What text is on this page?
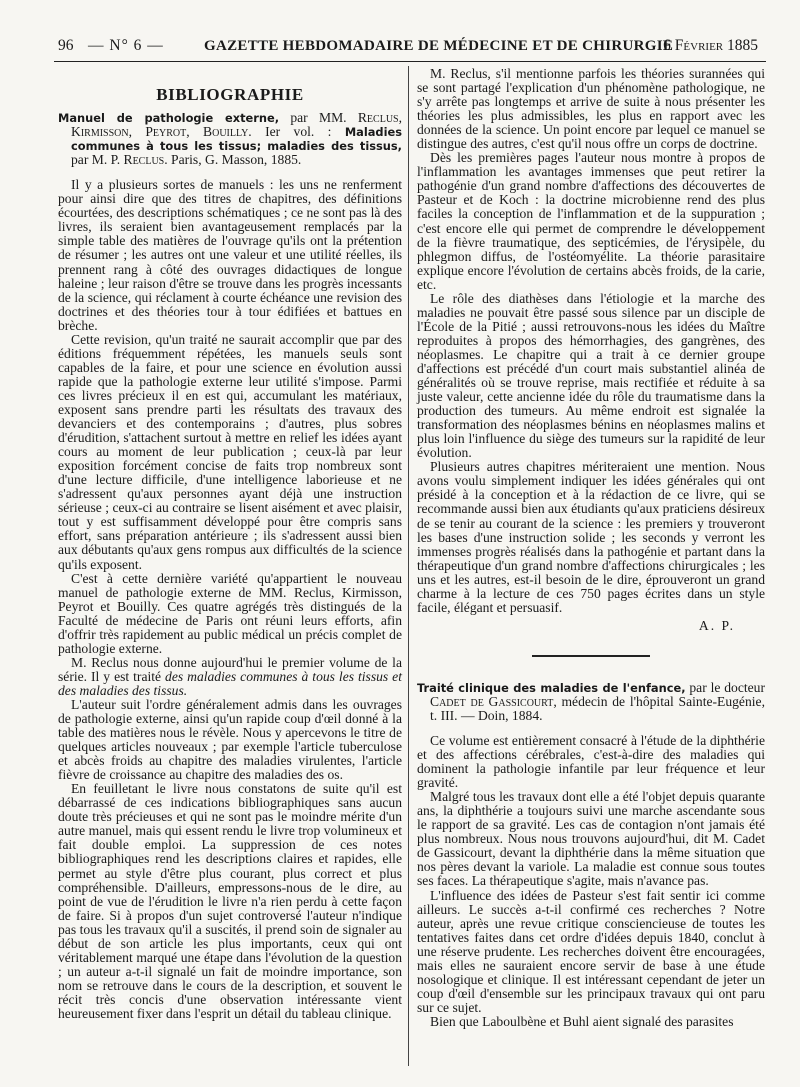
96 — N° 6 —	GAZETTE HEBDOMADAIRE DE MÉDECINE ET DE CHIRURGIE
6 Février 1885
BIBLIOGRAPHIE

Manuel de pathologie externe, par MM. Reclus, Kirmisson, Peyrot, Bouilly. Ier vol. : Maladies communes à tous les tissus; maladies des tissus, par M. P. Reclus. Paris, G. Masson, 1885.

Il y a plusieurs sortes de manuels : les uns ne renferment pour ainsi dire que des titres de chapitres, des définitions écourtées, des descriptions schématiques ; ce ne sont pas là des livres, ils seraient bien avantageusement remplacés par la simple table des matières de l'ouvrage qu'ils ont la prétention de résumer ; les autres ont une valeur et une utilité réelles, ils prennent rang à côté des ouvrages didactiques de longue haleine ; leur raison d'être se trouve dans les progrès incessants de la science, qui réclament à courte échéance une revision des doctrines et des théories tour à tour édifiées et battues en brèche.

Cette revision, qu'un traité ne saurait accomplir que par des éditions fréquemment répétées, les manuels seuls sont capables de la faire, et pour une science en évolution aussi rapide que la pathologie externe leur utilité s'impose. Parmi ces livres précieux il en est qui, accumulant les matériaux, exposent sans prendre parti les résultats des travaux des devanciers et des contemporains ; d'autres, plus sobres d'érudition, s'attachent surtout à mettre en relief les idées ayant cours au moment de leur publication ; ceux-là par leur exposition forcément concise de faits trop nombreux sont d'une lecture difficile, d'une intelligence laborieuse et ne s'adressent qu'aux personnes ayant déjà une instruction sérieuse ; ceux-ci au contraire se lisent aisément et avec plaisir, tout y est suffisamment développé pour être compris sans effort, sans préparation antérieure ; ils s'adressent aussi bien aux débutants qu'aux gens rompus aux difficultés de la science qu'ils exposent.

C'est à cette dernière variété qu'appartient le nouveau manuel de pathologie externe de MM. Reclus, Kirmisson, Peyrot et Bouilly. Ces quatre agrégés très distingués de la Faculté de médecine de Paris ont réuni leurs efforts, afin d'offrir très rapidement au public médical un précis complet de pathologie externe.

M. Reclus nous donne aujourd'hui le premier volume de la série. Il y est traité des maladies communes à tous les tissus et des maladies des tissus.

L'auteur suit l'ordre généralement admis dans les ouvrages de pathologie externe, ainsi qu'un rapide coup d'œil donné à la table des matières nous le révèle. Nous y apercevons le titre de quelques articles nouveaux ; par exemple l'article tuberculose et abcès froids au chapitre des maladies virulentes, l'article fièvre de croissance au chapitre des maladies des os.

En feuilletant le livre nous constatons de suite qu'il est débarrassé de ces indications bibliographiques sans aucun doute très précieuses et qui ne sont pas le moindre mérite d'un autre manuel, mais qui essent rendu le livre trop volumineux et fait double emploi. La suppression de ces notes bibliographiques rend les descriptions claires et rapides, elle permet au style d'être plus courant, plus correct et plus compréhensible. D'ailleurs, empressons-nous de le dire, au point de vue de l'érudition le livre n'a rien perdu à cette façon de faire. Si à propos d'un sujet controversé l'auteur n'indique pas tous les travaux qu'il a suscités, il prend soin de signaler au début de son article les plus importants, ceux qui ont véritablement marqué une étape dans l'évolution de la question ; un auteur a-t-il signalé un fait de moindre importance, son nom se retrouve dans le cours de la description, et souvent le récit très concis d'une observation intéressante vient heureusement fixer dans l'esprit un détail du tableau clinique.

M. Reclus, s'il mentionne parfois les théories surannées qui se sont partagé l'explication d'un phénomène pathologique, ne s'y arrête pas longtemps et arrive de suite à nous présenter les théories les plus admissibles, les plus en rapport avec les données de la science. Un point encore par lequel ce manuel se distingue des autres, c'est qu'il nous offre un corps de doctrine.

Dès les premières pages l'auteur nous montre à propos de l'inflammation les avantages immenses que peut retirer la pathogénie d'un grand nombre d'affections des découvertes de Pasteur et de Koch : la doctrine microbienne rend des plus faciles la conception de l'inflammation et de la suppuration ; c'est encore elle qui permet de comprendre le développement de la fièvre traumatique, des septicémies, de l'érysipèle, du phlegmon diffus, de l'ostéomyélite. La théorie parasitaire explique encore l'évolution de certains abcès froids, de la carie, etc.

Le rôle des diathèses dans l'étiologie et la marche des maladies ne pouvait être passé sous silence par un disciple de l'École de la Pitié ; aussi retrouvons-nous les idées du Maître reproduites à propos des hémorrhagies, des gangrènes, des néoplasmes. Le chapitre qui a trait à ce dernier groupe d'affections est précédé d'un court mais substantiel alinéa de généralités où se trouve reprise, mais rectifiée et réduite à sa juste valeur, cette ancienne idée du rôle du traumatisme dans la production des tumeurs. Au même endroit est signalée la transformation des néoplasmes bénins en néoplasmes malins et plus loin l'influence du siège des tumeurs sur la rapidité de leur évolution.

Plusieurs autres chapitres mériteraient une mention. Nous avons voulu simplement indiquer les idées générales qui ont présidé à la conception et à la rédaction de ce livre, qui se recommande aussi bien aux étudiants qu'aux praticiens désireux de se tenir au courant de la science : les premiers y trouveront les bases d'une instruction solide ; les seconds y verront les immenses progrès réalisés dans la pathogénie et partant dans la thérapeutique d'un grand nombre d'affections chirurgicales ; les uns et les autres, est-il besoin de le dire, éprouveront un grand charme à la lecture de ces 750 pages écrites dans un style facile, élégant et persuasif.

A. P.

Traité clinique des maladies de l'enfance, par le docteur Cadet de Gassicourt, médecin de l'hôpital Sainte-Eugénie, t. III. — Doin, 1884.

Ce volume est entièrement consacré à l'étude de la diphthérie et des affections cérébrales, c'est-à-dire des maladies qui dominent la pathologie infantile par leur fréquence et leur gravité.

Malgré tous les travaux dont elle a été l'objet depuis quarante ans, la diphthérie a toujours suivi une marche ascendante sous le rapport de sa gravité. Les cas de contagion n'ont jamais été plus nombreux. Nous nous trouvons aujourd'hui, dit M. Cadet de Gassicourt, devant la diphthérie dans la même situation que nos pères devant la variole. La maladie est connue sous toutes ses faces. La thérapeutique s'agite, mais n'avance pas.

L'influence des idées de Pasteur s'est fait sentir ici comme ailleurs. Le succès a-t-il confirmé ces recherches ? Notre auteur, après une revue critique consciencieuse de toutes les tentatives faites dans cet ordre d'idées depuis 1840, conclut à une réserve prudente. Les recherches doivent être encouragées, mais elles ne sauraient encore servir de base à une étude nosologique et clinique. Il est intéressant cependant de jeter un coup d'œil d'ensemble sur les principaux travaux qui ont paru sur ce sujet.

Bien que Laboulbène et Buhl aient signalé des parasites
